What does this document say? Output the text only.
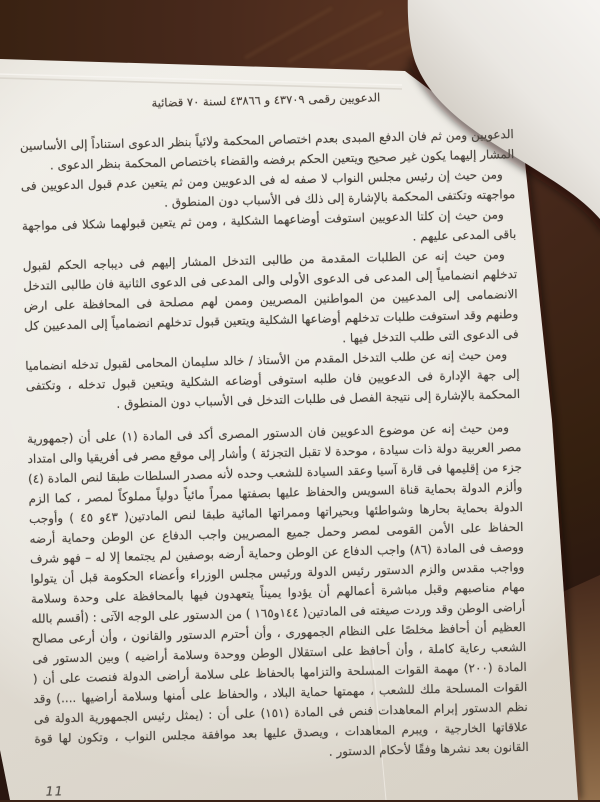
الدعويين رقمى ٤٣٧٠٩ و ٤٣٨٦٦ لسنة ٧٠ قضائية

الدعويين ومن ثم فان الدفع المبدى بعدم اختصاص المحكمة ولائياً بنظر الدعوى استناداً إلى الأساسين المشار إليهما يكون غير صحيح ويتعين الحكم برفضه والقضاء باختصاص المحكمة بنظر الدعوى .

ومن حيث إن رئيس مجلس النواب لا صفه له فى الدعويين ومن ثم يتعين عدم قبول الدعويين فى مواجهته وتكتفى المحكمة بالإشارة إلى ذلك فى الأسباب دون المنطوق .

ومن حيث إن كلتا الدعويين استوفت أوضاعهما الشكلية ، ومن ثم يتعين قبولهما شكلا فى مواجهة باقى المدعى عليهم .

ومن حيث إنه عن الطلبات المقدمة من طالبى التدخل المشار إليهم فى ديباجه الحكم لقبول تدخلهم انضمامياً إلى المدعى فى الدعوى الأولى والى المدعى فى الدعوى الثانية فان طالبى التدخل الانضمامى إلى المدعيين من المواطنين المصريين وممن لهم مصلحة فى المحافظة على ارض وطنهم وقد استوفت طلبات تدخلهم أوضاعها الشكلية ويتعين قبول تدخلهم انضمامياً إلى المدعيين كل فى الدعوى التى طلب التدخل فيها .

ومن حيث إنه عن طلب التدخل المقدم من الأستاذ / خالد سليمان المحامى لقبول تدخله انضماميا إلى جهة الإدارة فى الدعويين فان طلبه استوفى أوضاعه الشكلية ويتعين قبول تدخله ، وتكتفى المحكمة بالإشارة إلى نتيجة الفصل فى طلبات التدخل فى الأسباب دون المنطوق .

ومن حيث إنه عن موضوع الدعويين فان الدستور المصرى أكد فى المادة (١) على أن (جمهورية مصر العربية دولة ذات سيادة ، موحدة لا تقبل التجزئة ) وأشار إلى موقع مصر فى أفريقيا والى امتداد جزء من إقليمها فى قارة آسيا وعقد السيادة للشعب وحده لأنه مصدر السلطات طبقا لنص المادة (٤) وألزم الدولة بحماية قناة السويس والحفاظ عليها بصفتها ممراً مائياً دولياً مملوكاً لمصر ، كما الزم الدولة بحماية بحارها وشواطئها وبحيراتها وممراتها المائية طبقا لنص المادتين( ٤٣و ٤٥ ) وأوجب الحفاظ على الأمن القومى لمصر وحمل جميع المصريين واجب الدفاع عن الوطن وحماية أرضه ووصف فى المادة (٨٦) واجب الدفاع عن الوطن وحماية أرضه بوصفين لم يجتمعا إلا له – فهو شرف وواجب مقدس والزم الدستور رئيس الدولة ورئيس مجلس الوزراء وأعضاء الحكومة قبل أن يتولوا مهام مناصبهم وقبل مباشرة أعمالهم أن يؤدوا يميناً يتعهدون فيها بالمحافظة على وحدة وسلامة أراضى الوطن وقد وردت صيغته فى المادتين( ١٤٤و١٦٥ ) من الدستور على الوجه الآتى : (أقسم بالله العظيم أن أحافظ مخلصًا على النظام الجمهورى ، وأن أحترم الدستور والقانون ، وأن أرعى مصالح الشعب رعاية كاملة ، وأن أحافظ على استقلال الوطن ووحدة وسلامة أراضيه ) وبين الدستور فى المادة (٢٠٠) مهمة القوات المسلحة والتزامها بالحفاظ على سلامة أراضى الدولة فنصت على أن ( القوات المسلحة ملك للشعب ، مهمتها حماية البلاد ، والحفاظ على أمنها وسلامة أراضيها ....) وقد نظم الدستور إبرام المعاهدات فنص فى المادة (١٥١) على أن : (يمثل رئيس الجمهورية الدولة فى علاقاتها الخارجية ، ويبرم المعاهدات ، ويصدق عليها بعد موافقة مجلس النواب ، وتكون لها قوة القانون بعد نشرها وفقًا لأحكام الدستور .

11
